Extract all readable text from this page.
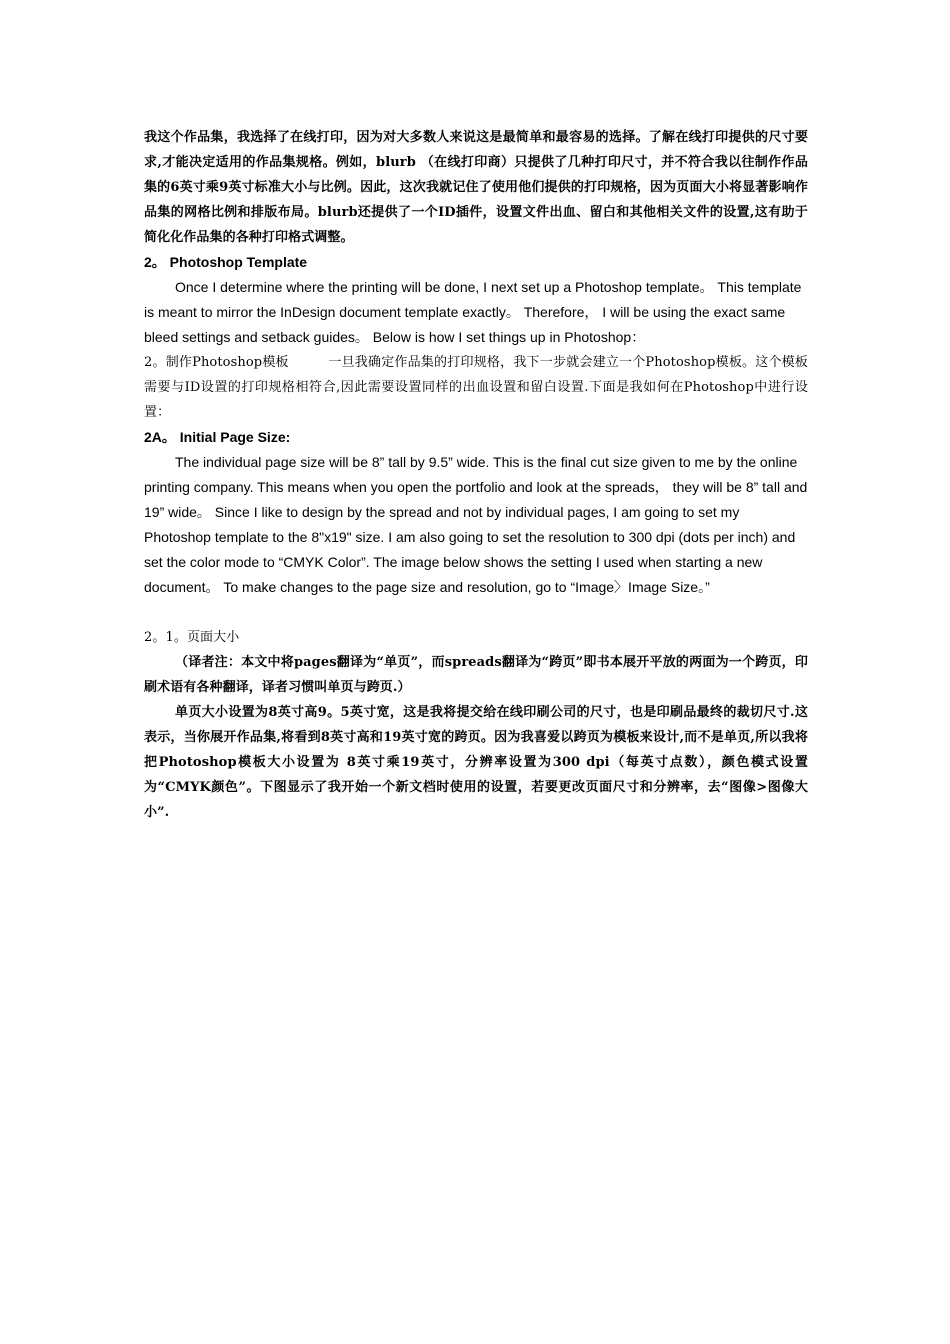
我这个作品集，我选择了在线打印，因为对大多数人来说这是最简单和最容易的选择。了解在线打印提供的尺寸要求,才能决定适用的作品集规格。例如，blurb （在线打印商）只提供了几种打印尺寸，并不符合我以往制作作品集的6英寸乘9英寸标准大小与比例。因此，这次我就记住了使用他们提供的打印规格，因为页面大小将显著影响作品集的网格比例和排版布局。blurb还提供了一个ID插件，设置文件出血、留白和其他相关文件的设置,这有助于简化化作品集的各种打印格式调整。

2。 Photoshop Template

Once I determine where the printing will be done, I next set up a Photoshop template。 This template is meant to mirror the InDesign document template exactly。 Therefore， I will be using the exact same bleed settings and setback guides。 Below is how I set things up in Photoshop：

2。制作Photoshop模板　　　一旦我确定作品集的打印规格，我下一步就会建立一个Photoshop模板。这个模板需要与ID设置的打印规格相符合,因此需要设置同样的出血设置和留白设置.下面是我如何在Photoshop中进行设置：

2A。 Initial Page Size:

The individual page size will be 8” tall by 9.5” wide. This is the final cut size given to me by the online printing company. This means when you open the portfolio and look at the spreads， they will be 8” tall and 19” wide。 Since I like to design by the spread and not by individual pages, I am going to set my Photoshop template to the 8"x19" size. I am also going to set the resolution to 300 dpi (dots per inch) and set the color mode to “CMYK Color”. The image below shows the setting I used when starting a new document。 To make changes to the page size and resolution, go to “Image〉Image Size。”

2。1。页面大小

（译者注：本文中将pages翻译为“单页”，而spreads翻译为“跨页”即书本展开平放的两面为一个跨页，印刷术语有各种翻译，译者习惯叫单页与跨页.）

单页大小设置为8英寸高9。5英寸宽，这是我将提交给在线印刷公司的尺寸，也是印刷品最终的裁切尺寸.这表示，当你展开作品集,将看到8英寸高和19英寸宽的跨页。因为我喜爱以跨页为模板来设计,而不是单页,所以我将把Photoshop模板大小设置为 8英寸乘19英寸，分辨率设置为300 dpi（每英寸点数），颜色模式设置为“CMYK颜色”。下图显示了我开始一个新文档时使用的设置，若要更改页面尺寸和分辨率，去“图像>图像大小”.
